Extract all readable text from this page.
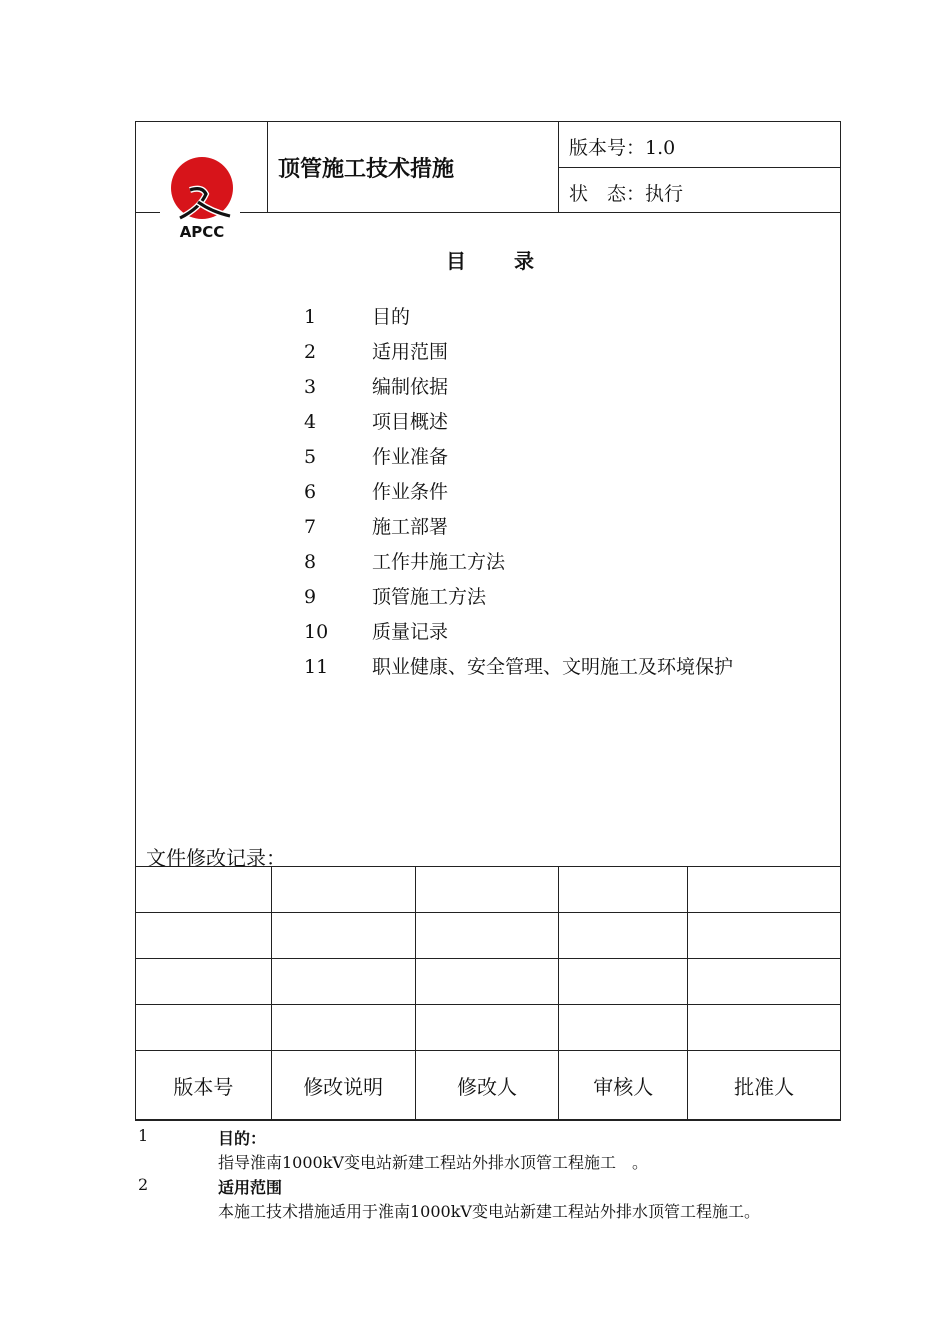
APCC
顶管施工技术措施
版本号：1.0
状　态：执行
目录
1	目的
2	适用范围
3	编制依据
4	项目概述
5	作业准备
6	作业条件
7	施工部署
8	工作井施工方法
9	顶管施工方法
10 质量记录
11 职业健康、安全管理、文明施工及环境保护
文件修改记录：

版本号	修改说明	修改人	审核人	批准人
1	目的：
指导淮南1000kV变电站新建工程站外排水顶管工程施工　。
2	适用范围
本施工技术措施适用于淮南1000kV变电站新建工程站外排水顶管工程施工。
